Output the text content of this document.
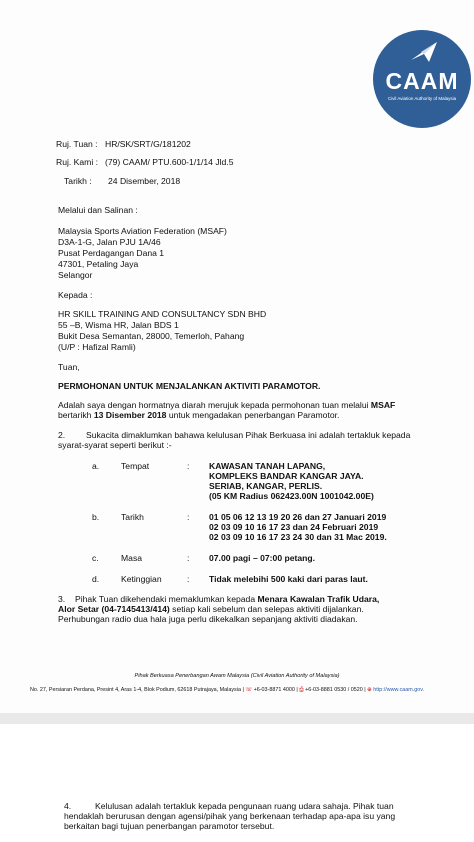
CAAM
Civil Aviation Authority of Malaysia
Ruj. Tuan : HR/SK/SRT/G/181202
Ruj. Kami : (79) CAAM/ PTU.600-1/1/14 Jld.5
Tarikh : 24 Disember, 2018
Melalui dan Salinan :
Malaysia Sports Aviation Federation (MSAF)
D3A-1-G, Jalan PJU 1A/46
Pusat Perdagangan Dana 1
47301, Petaling Jaya
Selangor
Kepada :
HR SKILL TRAINING AND CONSULTANCY SDN BHD
55 –B, Wisma HR, Jalan BDS 1
Bukit Desa Semantan, 28000, Temerloh, Pahang
(U/P : Hafizal Ramli)
Tuan,
PERMOHONAN UNTUK MENJALANKAN AKTIVITI PARAMOTOR.
Adalah saya dengan hormatnya diarah merujuk kepada permohonan tuan melalui MSAF
bertarikh 13 Disember 2018 untuk mengadakan penerbangan Paramotor.
2. Sukacita dimaklumkan bahawa kelulusan Pihak Berkuasa ini adalah tertakluk kepada
syarat-syarat seperti berikut :-
a.	Tempat	: KAWASAN TANAH LAPANG,
KOMPLEKS BANDAR KANGAR JAYA.
SERIAB, KANGAR, PERLIS.
(05 KM Radius 062423.00N 1001042.00E)
b.	Tarikh	: 01 05 06 12 13 19 20 26 dan 27 Januari 2019
02 03 09 10 16 17 23 dan 24 Februari 2019
02 03 09 10 16 17 23 24 30 dan 31 Mac 2019.
c.	Masa	: 07.00 pagi – 07:00 petang.
d.	Ketinggian	: Tidak melebihi 500 kaki dari paras laut.
3. Pihak Tuan dikehendaki memaklumkan kepada Menara Kawalan Trafik Udara,
Alor Setar (04-7145413/414) setiap kali sebelum dan selepas aktiviti dijalankan.
Perhubungan radio dua hala juga perlu dikekalkan sepanjang aktiviti diadakan.
Pihak Berkuasa Penerbangan Awam Malaysia (Civil Aviation Authority of Malaysia)
No. 27, Persiaran Perdana, Presint 4, Aras 1-4, Blok Podium, 62618 Putrajaya, Malaysia | ☏ +6-03-8871 4000 | ⎙ +6-03-8881 0530 / 0520 | ⊕ http://www.caam.gov.
4.	Kelulusan adalah tertakluk kepada pengunaan ruang udara sahaja. Pihak tuan
hendaklah berurusan dengan agensi/pihak yang berkenaan terhadap apa-apa isu yang
berkaitan bagi tujuan penerbangan paramotor tersebut.
